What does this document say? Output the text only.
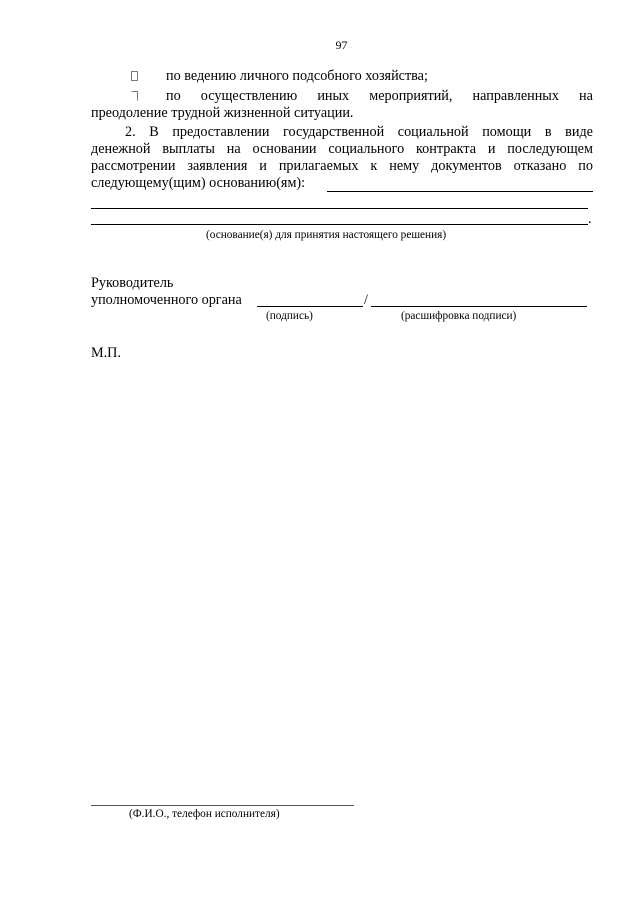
97
по ведению личного подсобного хозяйства;
по осуществлению иных мероприятий, направленных на
преодоление трудной жизненной ситуации.
2. В предоставлении государственной социальной помощи в виде
денежной выплаты на основании социального контракта и последующем
рассмотрении заявления и прилагаемых к нему документов отказано по
следующему(щим) основанию(ям):
.
(основание(я) для принятия настоящего решения)
Руководитель
уполномоченного органа	/
(подпись)	(расшифровка подписи)
М.П.
(Ф.И.О., телефон исполнителя)
